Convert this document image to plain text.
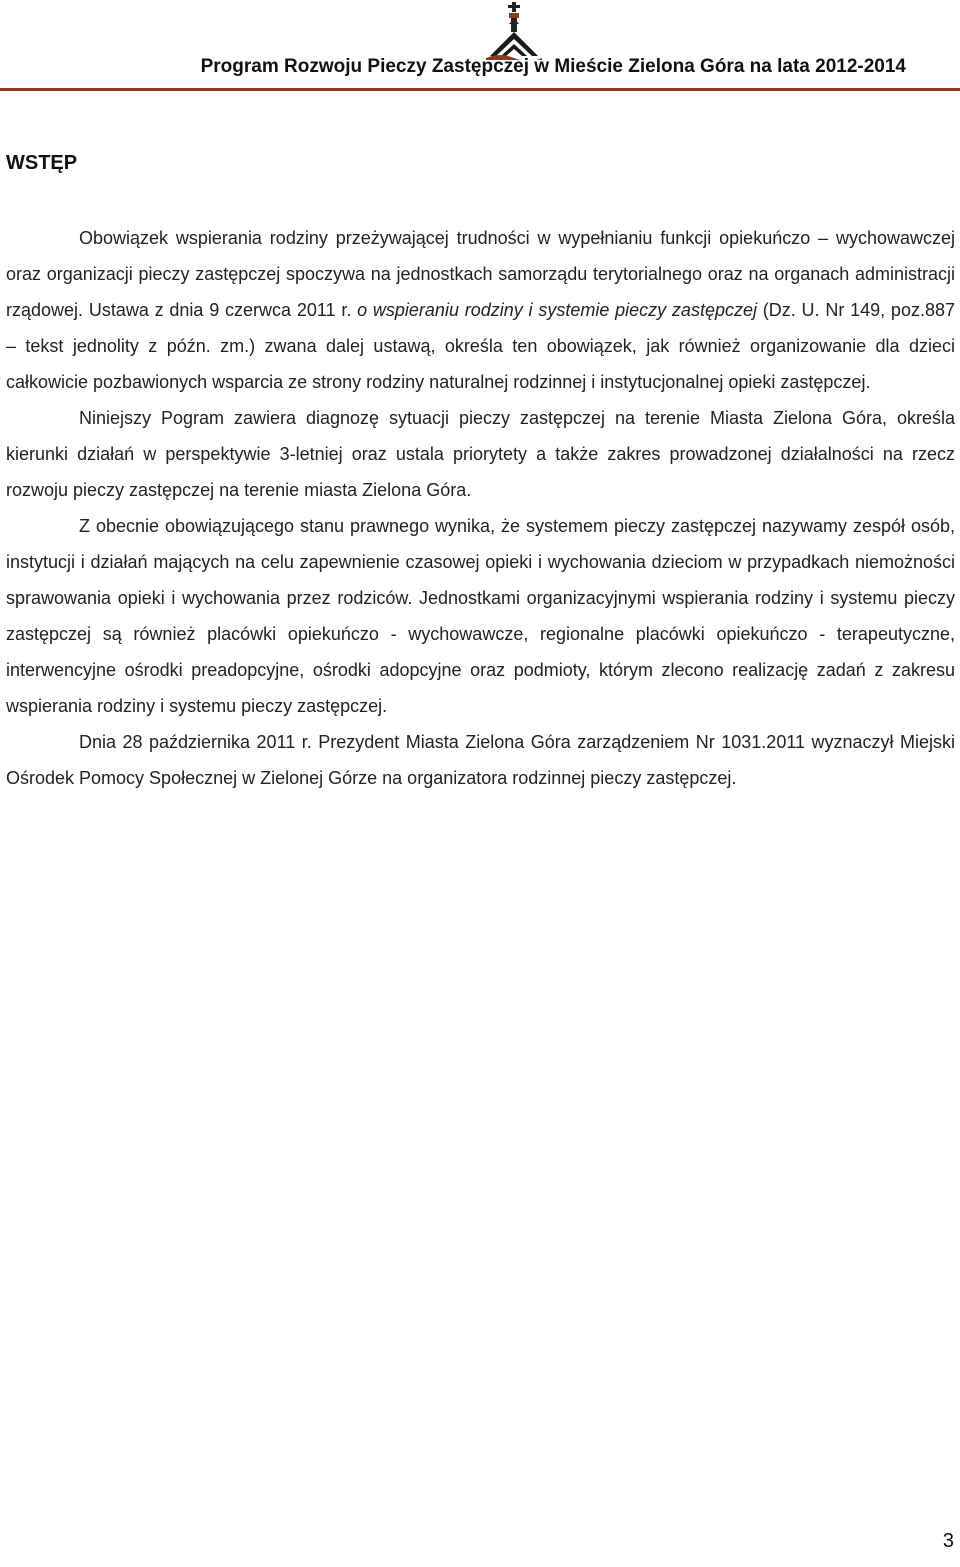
Program Rozwoju Pieczy Zastępczej w Mieście Zielona Góra na lata 2012-2014
WSTĘP

Obowiązek wspierania rodziny przeżywającej trudności w wypełnianiu funkcji opiekuńczo – wychowawczej oraz organizacji pieczy zastępczej spoczywa na jednostkach samorządu terytorialnego oraz na organach administracji rządowej. Ustawa z dnia 9 czerwca 2011 r. o wspieraniu rodziny i systemie pieczy zastępczej (Dz. U. Nr 149, poz.887 – tekst jednolity z późn. zm.) zwana dalej ustawą, określa ten obowiązek, jak również organizowanie dla dzieci całkowicie pozbawionych wsparcia ze strony rodziny naturalnej rodzinnej i instytucjonalnej opieki zastępczej.

Niniejszy Pogram zawiera diagnozę sytuacji pieczy zastępczej na terenie Miasta Zielona Góra, określa kierunki działań w perspektywie 3-letniej oraz ustala priorytety a także zakres prowadzonej działalności na rzecz rozwoju pieczy zastępczej na terenie miasta Zielona Góra.

Z obecnie obowiązującego stanu prawnego wynika, że systemem pieczy zastępczej nazywamy zespół osób, instytucji i działań mających na celu zapewnienie czasowej opieki i wychowania dzieciom w przypadkach niemożności sprawowania opieki i wychowania przez rodziców. Jednostkami organizacyjnymi wspierania rodziny i systemu pieczy zastępczej są również placówki opiekuńczo - wychowawcze, regionalne placówki opiekuńczo - terapeutyczne, interwencyjne ośrodki preadopcyjne, ośrodki adopcyjne oraz podmioty, którym zlecono realizację zadań z zakresu wspierania rodziny i systemu pieczy zastępczej.

Dnia 28 października 2011 r. Prezydent Miasta Zielona Góra zarządzeniem Nr 1031.2011 wyznaczył Miejski Ośrodek Pomocy Społecznej w Zielonej Górze na organizatora rodzinnej pieczy zastępczej.

3
